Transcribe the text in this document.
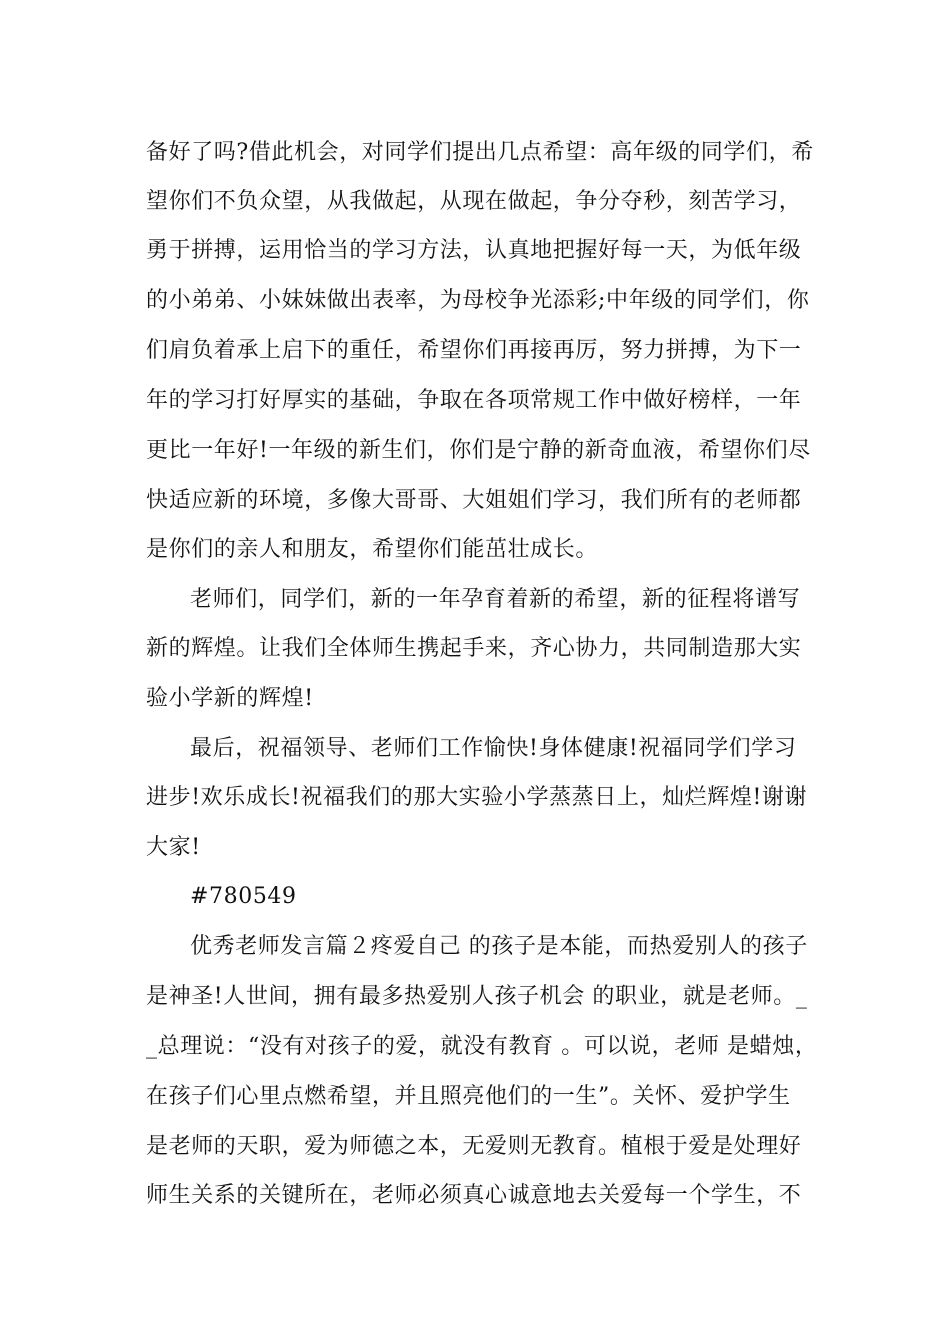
备好了吗?借此机会，对同学们提出几点希望：高年级的同学们，希
望你们不负众望，从我做起，从现在做起，争分夺秒，刻苦学习，
勇于拼搏，运用恰当的学习方法，认真地把握好每一天，为低年级
的小弟弟、小妹妹做出表率，为母校争光添彩;中年级的同学们，你
们肩负着承上启下的重任，希望你们再接再厉，努力拼搏，为下一
年的学习打好厚实的基础，争取在各项常规工作中做好榜样，一年
更比一年好!一年级的新生们，你们是宁静的新奇血液，希望你们尽
快适应新的环境，多像大哥哥、大姐姐们学习，我们所有的老师都
是你们的亲人和朋友，希望你们能茁壮成长。
老师们，同学们，新的一年孕育着新的希望，新的征程将谱写
新的辉煌。让我们全体师生携起手来，齐心协力，共同制造那大实
验小学新的辉煌!
最后，祝福领导、老师们工作愉快!身体健康!祝福同学们学习
进步!欢乐成长!祝福我们的那大实验小学蒸蒸日上，灿烂辉煌!谢谢
大家!
#780549
优秀老师发言篇２疼爱自己 的孩子是本能，而热爱别人的孩子
是神圣!人世间，拥有最多热爱别人孩子机会 的职业，就是老师。_
_总理说：“没有对孩子的爱，就没有教育 。可以说，老师 是蜡烛，
在孩子们心里点燃希望，并且照亮他们的一生”。关怀、爱护学生
是老师的天职，爱为师德之本，无爱则无教育。植根于爱是处理好
师生关系的关键所在，老师必须真心诚意地去关爱每一个学生，不
